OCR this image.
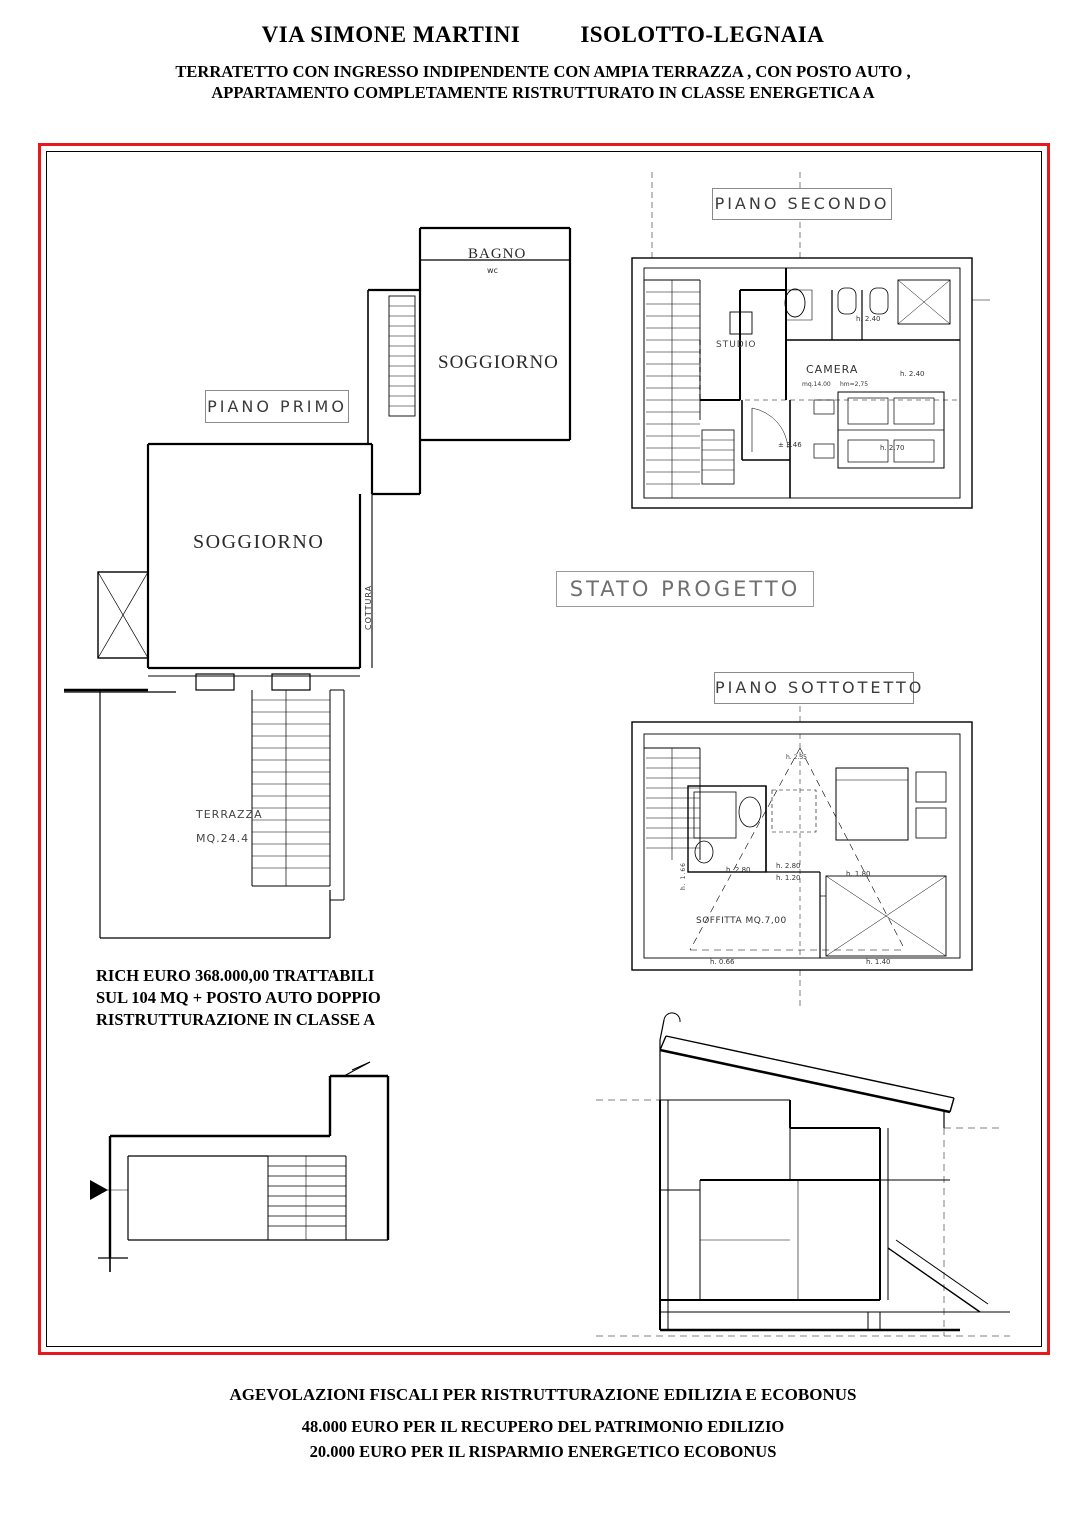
VIA SIMONE MARTINI	ISOLOTTO-LEGNAIA
TERRATETTO CON INGRESSO INDIPENDENTE CON AMPIA TERRAZZA , CON POSTO AUTO ,
APPARTAMENTO COMPLETAMENTE RISTRUTTURATO IN CLASSE ENERGETICA A
PIANO PRIMO
PIANO SECONDO
STATO PROGETTO
PIANO SOTTOTETTO
BAGNO
wc
SOGGIORNO
SOGGIORNO
COTTURA
TERRAZZA
MQ.24.4
STUDIO
CAMERA
mq.14.00 hm=2,75
SOFFITTA MQ.7,00
h. 2.40
h. 2.40
± 3.46	h. 2.70
h. 2.80	h. 2.80
h. 1.20	h. 1.80
h. 0.66	h. 1.40
h. 2.35
h. 1.66
RICH EURO 368.000,00 TRATTABILI
SUL 104 MQ + POSTO AUTO DOPPIO
RISTRUTTURAZIONE IN CLASSE A
AGEVOLAZIONI FISCALI PER RISTRUTTURAZIONE EDILIZIA E ECOBONUS
48.000 EURO PER IL RECUPERO DEL PATRIMONIO EDILIZIO
20.000 EURO PER IL RISPARMIO ENERGETICO ECOBONUS
